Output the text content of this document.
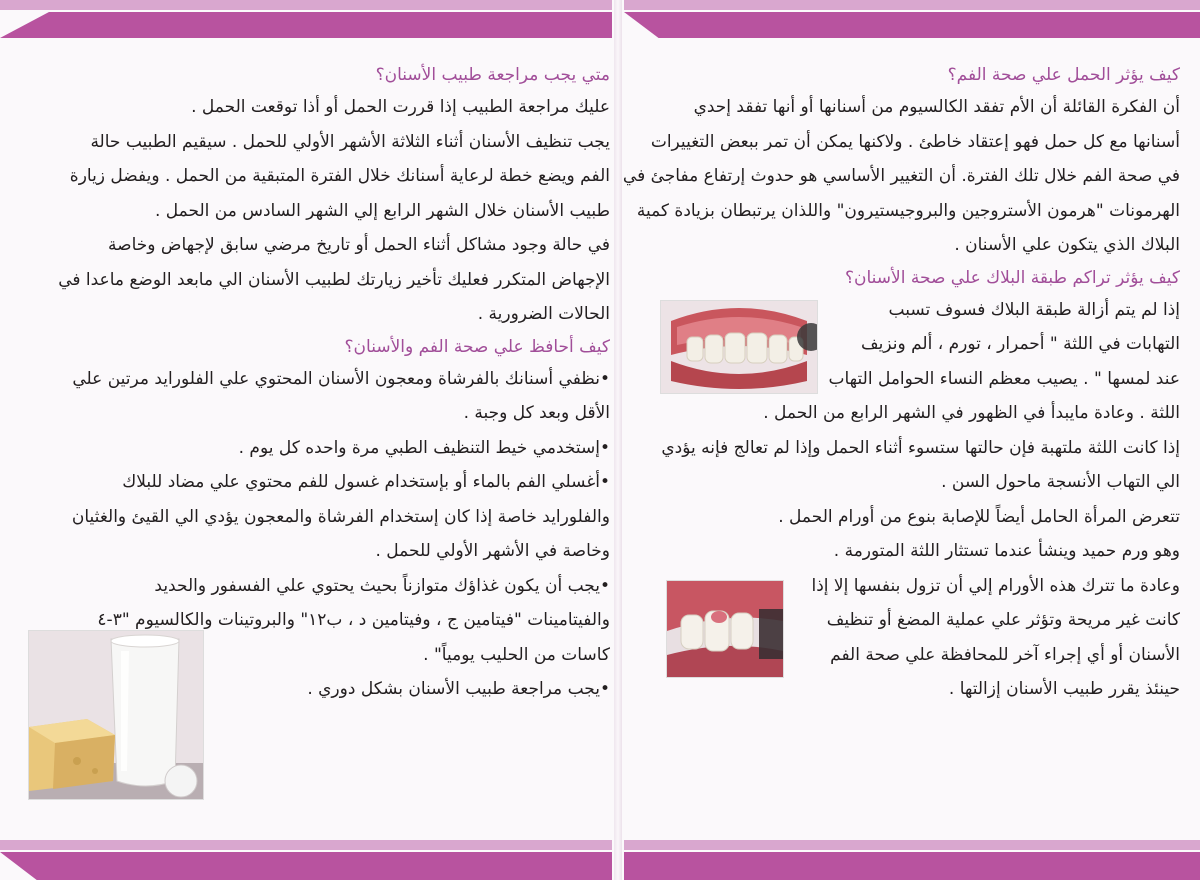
متي يجب مراجعة طبيب الأسنان؟

عليك مراجعة الطبيب إذا قررت الحمل أو أذا توقعت الحمل .

يجب تنظيف الأسنان أثناء الثلاثة الأشهر الأولي للحمل . سيقيم الطبيب حالة

الفم ويضع خطة لرعاية أسنانك خلال الفترة المتبقية من الحمل . ويفضل زيارة

طبيب الأسنان خلال الشهر الرابع إلي الشهر السادس من الحمل .

في حالة وجود مشاكل أثناء الحمل أو تاريخ مرضي سابق لإجهاض وخاصة

الإجهاض المتكرر فعليك تأخير زيارتك لطبيب الأسنان الي مابعد الوضع ماعدا في

الحالات الضرورية .

كيف أحافظ علي صحة الفم والأسنان؟

•نظفي أسنانك بالفرشاة ومعجون الأسنان المحتوي علي الفلورايد مرتين علي

الأقل وبعد كل وجبة .

•إستخدمي خيط التنظيف الطبي مرة واحده كل يوم .

•أغسلي الفم بالماء أو بإستخدام غسول للفم محتوي علي مضاد للبلاك

والفلورايد خاصة إذا كان إستخدام الفرشاة والمعجون يؤدي الي القيئ والغثيان

وخاصة في الأشهر الأولي للحمل .

•يجب أن يكون غذاؤك متوازناً بحيث يحتوي علي الفسفور والحديد

والفيتامينات "فيتامين ج ، وفيتامين د ، ب١٢" والبروتينات والكالسيوم "٣-٤

كاسات من الحليب يومياً" .

•يجب مراجعة طبيب الأسنان بشكل دوري .

كيف يؤثر الحمل علي صحة الفم؟

أن الفكرة القائلة أن الأم تفقد الكالسيوم من أسنانها أو أنها تفقد إحدي

أسنانها مع كل حمل فهو إعتقاد خاطئ . ولاكنها يمكن أن تمر ببعض التغييرات

في صحة الفم خلال تلك الفترة. أن التغيير الأساسي هو حدوث إرتفاع مفاجئ في

الهرمونات "هرمون الأستروجين والبروجيستيرون" واللذان يرتبطان بزيادة كمية

البلاك الذي يتكون علي الأسنان .

كيف يؤثر تراكم طبقة البلاك علي صحة الأسنان؟

إذا لم يتم أزالة طبقة البلاك فسوف تسبب

التهابات في اللثة " أحمرار ، تورم ، ألم ونزيف

عند لمسها " . يصيب معظم النساء الحوامل التهاب

اللثة . وعادة مايبدأ في الظهور في الشهر الرابع من الحمل .

إذا كانت اللثة ملتهبة فإن حالتها ستسوء أثناء الحمل وإذا لم تعالج فإنه يؤدي

الي التهاب الأنسجة ماحول السن .

تتعرض المرأة الحامل أيضاً للإصابة بنوع من أورام الحمل .

وهو ورم حميد وينشأ عندما تستثار اللثة المتورمة .

وعادة ما تترك هذه الأورام إلي أن تزول بنفسها إلا إذا

كانت غير مريحة وتؤثر علي عملية المضغ أو تنظيف

الأسنان أو أي إجراء آخر للمحافظة علي صحة الفم

حينئذ يقرر طبيب الأسنان إزالتها .
